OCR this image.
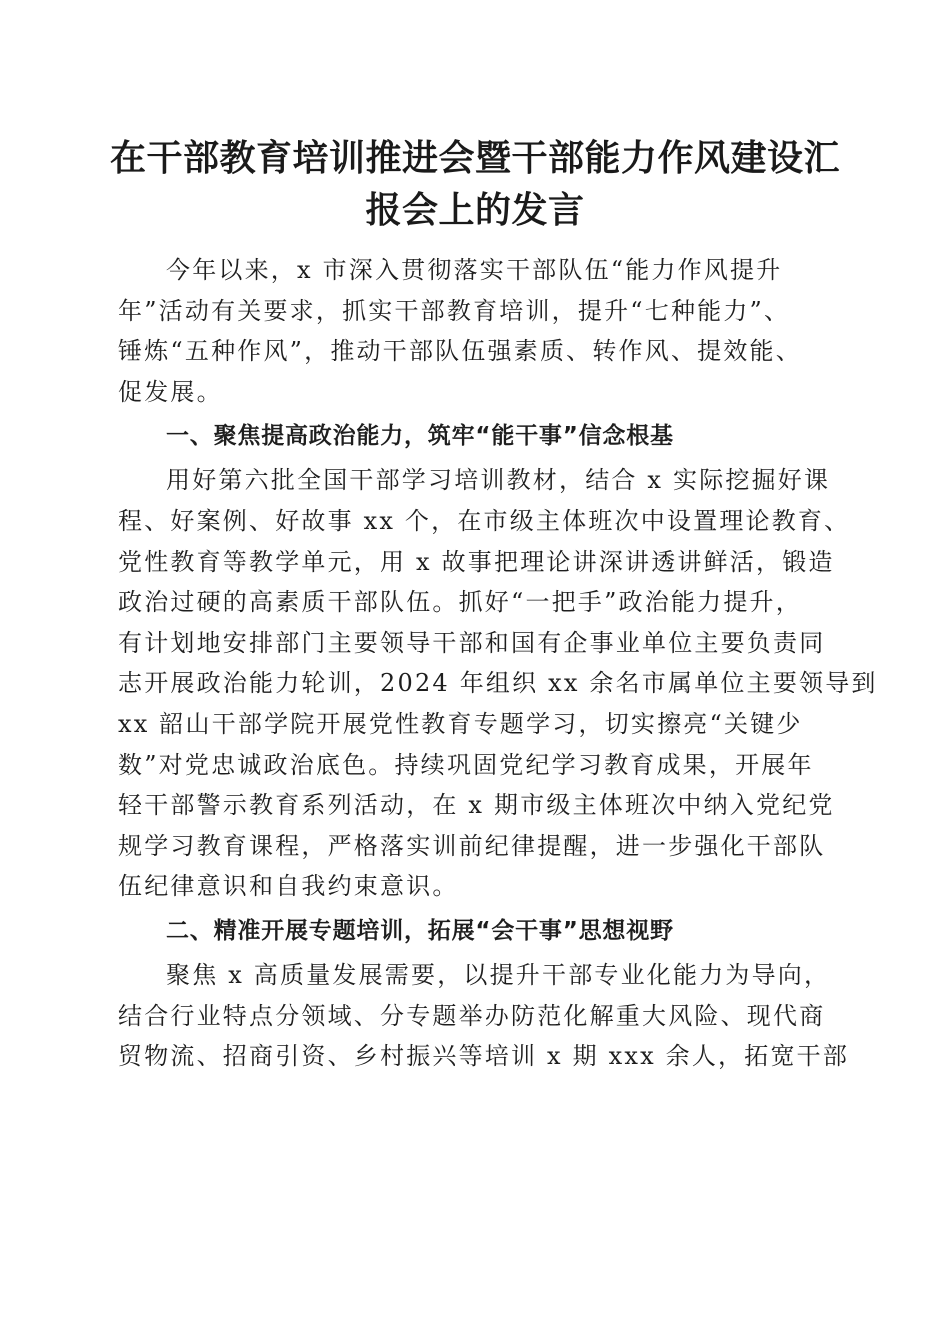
在干部教育培训推进会暨干部能力作风建设汇
报会上的发言

今年以来，x 市深入贯彻落实干部队伍“能力作风提升
年”活动有关要求，抓实干部教育培训，提升“七种能力”、
锤炼“五种作风”，推动干部队伍强素质、转作风、提效能、
促发展。

一、聚焦提高政治能力，筑牢“能干事”信念根基

用好第六批全国干部学习培训教材，结合 x 实际挖掘好课
程、好案例、好故事 xx 个，在市级主体班次中设置理论教育、
党性教育等教学单元，用 x 故事把理论讲深讲透讲鲜活，锻造
政治过硬的高素质干部队伍。抓好“一把手”政治能力提升，
有计划地安排部门主要领导干部和国有企事业单位主要负责同
志开展政治能力轮训，2024 年组织 xx 余名市属单位主要领导到
xx 韶山干部学院开展党性教育专题学习，切实擦亮“关键少
数”对党忠诚政治底色。持续巩固党纪学习教育成果，开展年
轻干部警示教育系列活动，在 x 期市级主体班次中纳入党纪党
规学习教育课程，严格落实训前纪律提醒，进一步强化干部队
伍纪律意识和自我约束意识。

二、精准开展专题培训，拓展“会干事”思想视野

聚焦 x 高质量发展需要，以提升干部专业化能力为导向，
结合行业特点分领域、分专题举办防范化解重大风险、现代商
贸物流、招商引资、乡村振兴等培训 x 期 xxx 余人，拓宽干部
